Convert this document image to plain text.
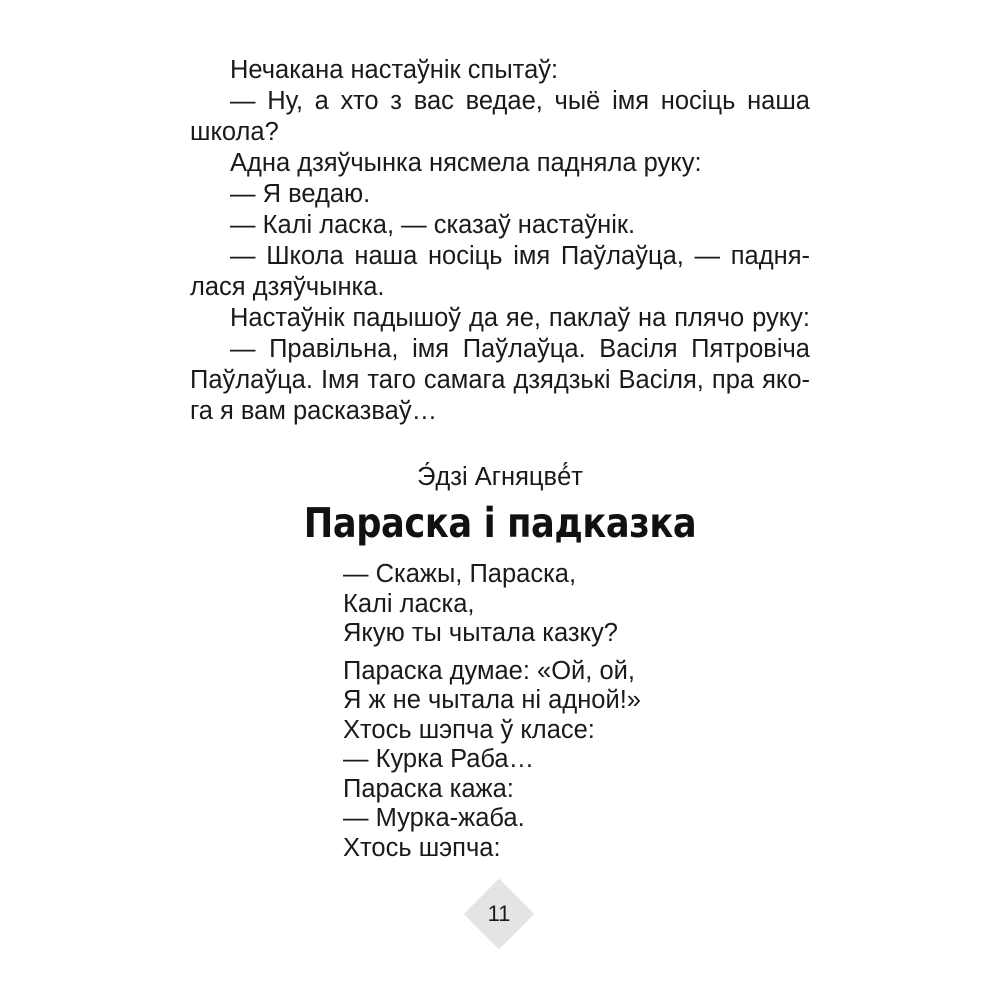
Нечакана настаўнік спытаў:
— Ну, а хто з вас ведае, чыё імя носіць наша
школа?
Адна дзяўчынка нясмела падняла руку:
— Я ведаю.
— Калі ласка, — сказаў настаўнік.
— Школа наша носіць імя Паўлаўца, — падня-
лася дзяўчынка.
Настаўнік падышоў да яе, паклаў на плячо руку:
— Правільна, імя Паўлаўца. Васіля Пятровіча
Паўлаўца. Імя таго самага дзядзькі Васіля, пра яко-
га я вам расказваў…
Э́дзі Агняцвé́т
Параска і падказка
— Скажы, Параска,
Калі ласка,
Якую ты чытала казку?
Параска думае: «Ой, ой,
Я ж не чытала ні адной!»
Хтось шэпча ў класе:
— Курка Раба…
Параска кажа:
— Мурка-жаба.
Хтось шэпча:
11
